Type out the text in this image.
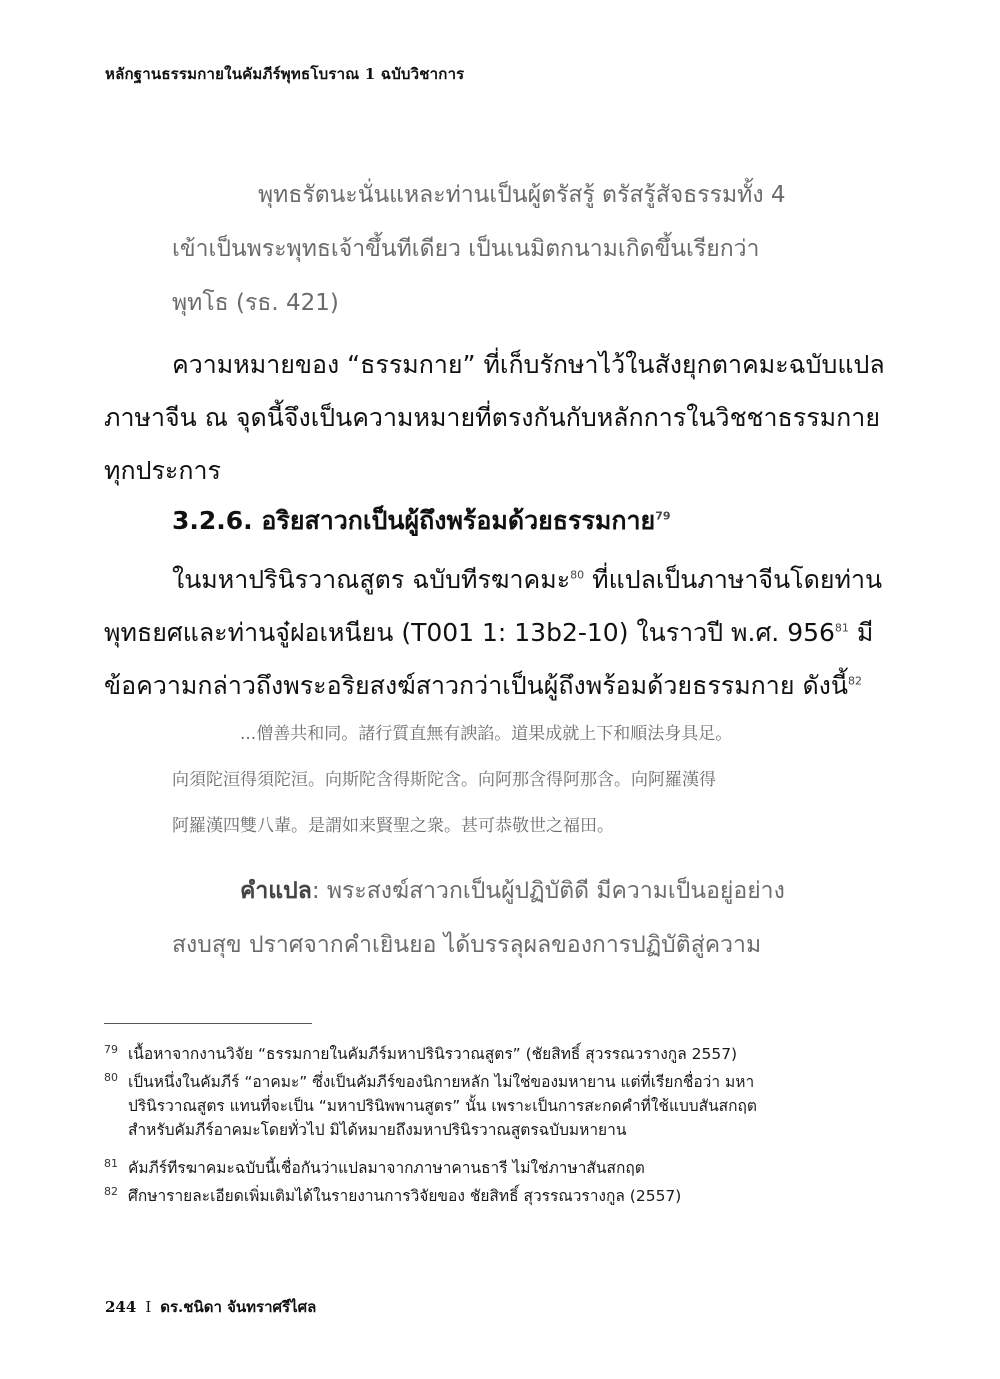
หลักฐานธรรมกายในคัมภีร์พุทธโบราณ 1 ฉบับวิชาการ
พุทธรัตนะนั่นแหละท่านเป็นผู้ตรัสรู้ ตรัสรู้สัจธรรมทั้ง 4
เข้าเป็นพระพุทธเจ้าขึ้นทีเดียว เป็นเนมิตกนามเกิดขึ้นเรียกว่า
พุทโธ (รธ. 421)
ความหมายของ “ธรรมกาย” ที่เก็บรักษาไว้ในสังยุกตาคมะฉบับแปล
ภาษาจีน ณ จุดนี้จึงเป็นความหมายที่ตรงกันกับหลักการในวิชชาธรรมกาย
ทุกประการ
3.2.6. อริยสาวกเป็นผู้ถึงพร้อมด้วยธรรมกาย$^{79}$
ในมหาปรินิรวาณสูตร ฉบับทีรฆาคมะ$^{80}$ ที่แปลเป็นภาษาจีนโดยท่าน
พุทธยศและท่านจู๋ฝอเหนียน (T001 1: 13b2-10) ในราวปี พ.ศ. $956^{81}$ มี
ข้อความกล่าวถึงพระอริยสงฆ์สาวกว่าเป็นผู้ถึงพร้อมด้วยธรรมกาย ดังนี้$^{82}$
...僧善共和同。諸行質直無有諛諂。道果成就上下和順法身具足。
向須陀洹得須陀洹。向斯陀含得斯陀含。向阿那含得阿那含。向阿羅漢得
阿羅漢四雙八輩。是謂如来賢聖之衆。甚可恭敬世之福田。
คำแปล: พระสงฆ์สาวกเป็นผู้ปฏิบัติดี มีความเป็นอยู่อย่าง
สงบสุข ปราศจากคำเยินยอ ได้บรรลุผลของการปฏิบัติสู่ความ
79 เนื้อหาจากงานวิจัย “ธรรมกายในคัมภีร์มหาปรินิรวาณสูตร” (ชัยสิทธิ์ สุวรรณวรางกูล 2557)
80 เป็นหนึ่งในคัมภีร์ “อาคมะ” ซึ่งเป็นคัมภีร์ของนิกายหลัก ไม่ใช่ของมหายาน แต่ที่เรียกชื่อว่า มหา
ปรินิรวาณสูตร แทนที่จะเป็น “มหาปรินิพพานสูตร” นั้น เพราะเป็นการสะกดคำที่ใช้แบบสันสกฤต
สำหรับคัมภีร์อาคมะโดยทั่วไป มิได้หมายถึงมหาปรินิรวาณสูตรฉบับมหายาน
81 คัมภีร์ทีรฆาคมะฉบับนี้เชื่อกันว่าแปลมาจากภาษาคานธารี ไม่ใช่ภาษาสันสกฤต
82 ศึกษารายละเอียดเพิ่มเติมได้ในรายงานการวิจัยของ ชัยสิทธิ์ สุวรรณวรางกูล (2557)
244 I ดร.ชนิดา จันทราศรีไศล
